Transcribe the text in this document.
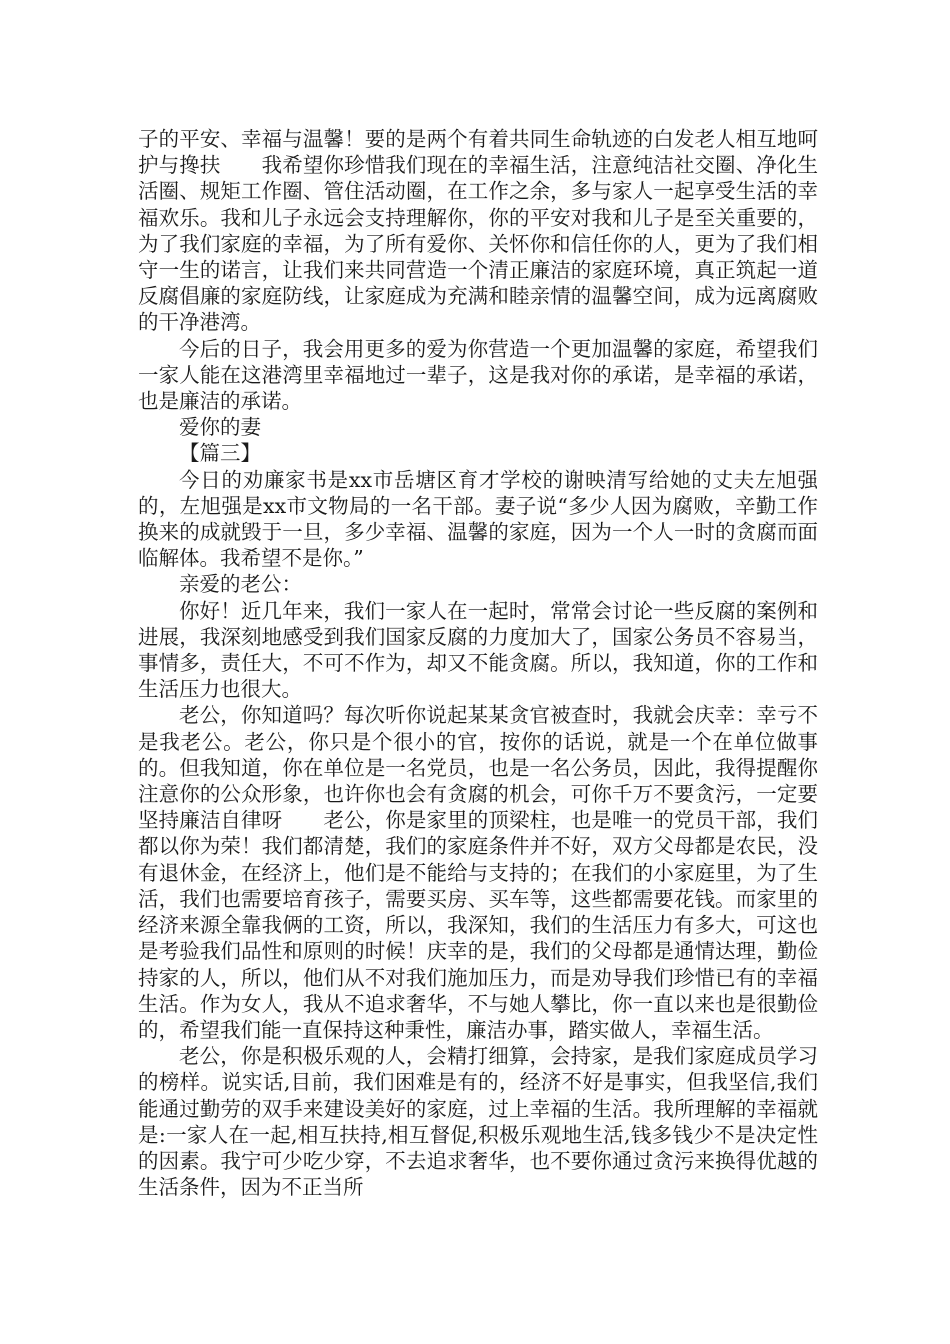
子的平安、幸福与温馨！要的是两个有着共同生命轨迹的白发老人相互地呵护与搀扶　　我希望你珍惜我们现在的幸福生活，注意纯洁社交圈、净化生活圈、规矩工作圈、管住活动圈，在工作之余，多与家人一起享受生活的幸福欢乐。我和儿子永远会支持理解你，你的平安对我和儿子是至关重要的，为了我们家庭的幸福，为了所有爱你、关怀你和信任你的人，更为了我们相守一生的诺言，让我们来共同营造一个清正廉洁的家庭环境，真正筑起一道反腐倡廉的家庭防线，让家庭成为充满和睦亲情的温馨空间，成为远离腐败的干净港湾。

今后的日子，我会用更多的爱为你营造一个更加温馨的家庭，希望我们一家人能在这港湾里幸福地过一辈子，这是我对你的承诺，是幸福的承诺，也是廉洁的承诺。

爱你的妻

【篇三】

今日的劝廉家书是xx市岳塘区育才学校的谢映清写给她的丈夫左旭强的，左旭强是xx市文物局的一名干部。妻子说“多少人因为腐败，辛勤工作换来的成就毁于一旦，多少幸福、温馨的家庭，因为一个人一时的贪腐而面临解体。我希望不是你。”

亲爱的老公：

你好！近几年来，我们一家人在一起时，常常会讨论一些反腐的案例和进展，我深刻地感受到我们国家反腐的力度加大了，国家公务员不容易当，事情多，责任大，不可不作为，却又不能贪腐。所以，我知道，你的工作和生活压力也很大。

老公，你知道吗？每次听你说起某某贪官被查时，我就会庆幸：幸亏不是我老公。老公，你只是个很小的官，按你的话说，就是一个在单位做事的。但我知道，你在单位是一名党员，也是一名公务员，因此，我得提醒你注意你的公众形象，也许你也会有贪腐的机会，可你千万不要贪污，一定要坚持廉洁自律呀　　老公，你是家里的顶梁柱，也是唯一的党员干部，我们都以你为荣！我们都清楚，我们的家庭条件并不好，双方父母都是农民，没有退休金，在经济上，他们是不能给与支持的；在我们的小家庭里，为了生活，我们也需要培育孩子，需要买房、买车等，这些都需要花钱。而家里的经济来源全靠我俩的工资，所以，我深知，我们的生活压力有多大，可这也是考验我们品性和原则的时候！庆幸的是，我们的父母都是通情达理，勤俭持家的人，所以，他们从不对我们施加压力，而是劝导我们珍惜已有的幸福生活。作为女人，我从不追求奢华，不与她人攀比，你一直以来也是很勤俭的，希望我们能一直保持这种秉性，廉洁办事，踏实做人，幸福生活。

老公，你是积极乐观的人，会精打细算，会持家，是我们家庭成员学习的榜样。说实话,目前，我们困难是有的，经济不好是事实，但我坚信,我们能通过勤劳的双手来建设美好的家庭，过上幸福的生活。我所理解的幸福就是:一家人在一起,相互扶持,相互督促,积极乐观地生活,钱多钱少不是决定性的因素。我宁可少吃少穿，不去追求奢华，也不要你通过贪污来换得优越的生活条件，因为不正当所
